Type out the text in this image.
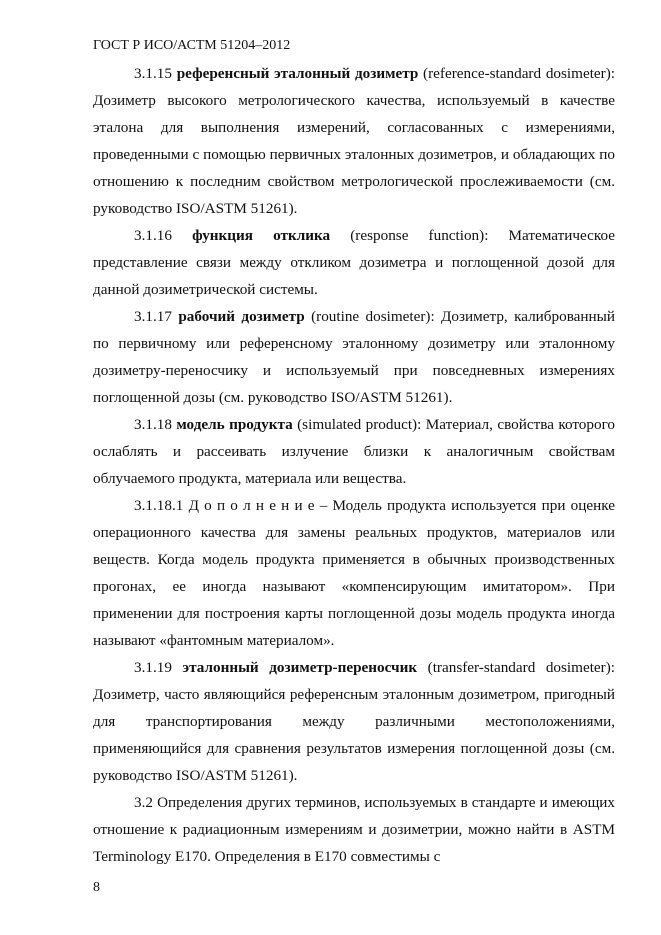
ГОСТ Р ИСО/АСТМ 51204–2012

3.1.15 референсный эталонный дозиметр (reference-standard dosimeter): Дозиметр высокого метрологического качества, используемый в качестве эталона для выполнения измерений, согласованных с измерениями, проведенными с помощью первичных эталонных дозиметров, и обладающих по отношению к последним свойством метрологической прослеживаемости (см. руководство ISO/ASTM 51261).

3.1.16 функция отклика (response function): Математическое представление связи между откликом дозиметра и поглощенной дозой для данной дозиметрической системы.

3.1.17 рабочий дозиметр (routine dosimeter): Дозиметр, калиброванный по первичному или референсному эталонному дозиметру или эталонному дозиметру-переносчику и используемый при повседневных измерениях поглощенной дозы (см. руководство ISO/ASTM 51261).

3.1.18 модель продукта (simulated product): Материал, свойства которого ослаблять и рассеивать излучение близки к аналогичным свойствам облучаемого продукта, материала или вещества.

3.1.18.1 Д о п о л н е н и е – Модель продукта используется при оценке операционного качества для замены реальных продуктов, материалов или веществ. Когда модель продукта применяется в обычных производственных прогонах, ее иногда называют «компенсирующим имитатором». При применении для построения карты поглощенной дозы модель продукта иногда называют «фантомным материалом».

3.1.19 эталонный дозиметр-переносчик (transfer-standard dosimeter): Дозиметр, часто являющийся референсным эталонным дозиметром, пригодный для транспортирования между различными местоположениями, применяющийся для сравнения результатов измерения поглощенной дозы (см. руководство ISO/ASTM 51261).

3.2 Определения других терминов, используемых в стандарте и имеющих отношение к радиационным измерениям и дозиметрии, можно найти в ASTM Terminology E170. Определения в E170 совместимы с

8
